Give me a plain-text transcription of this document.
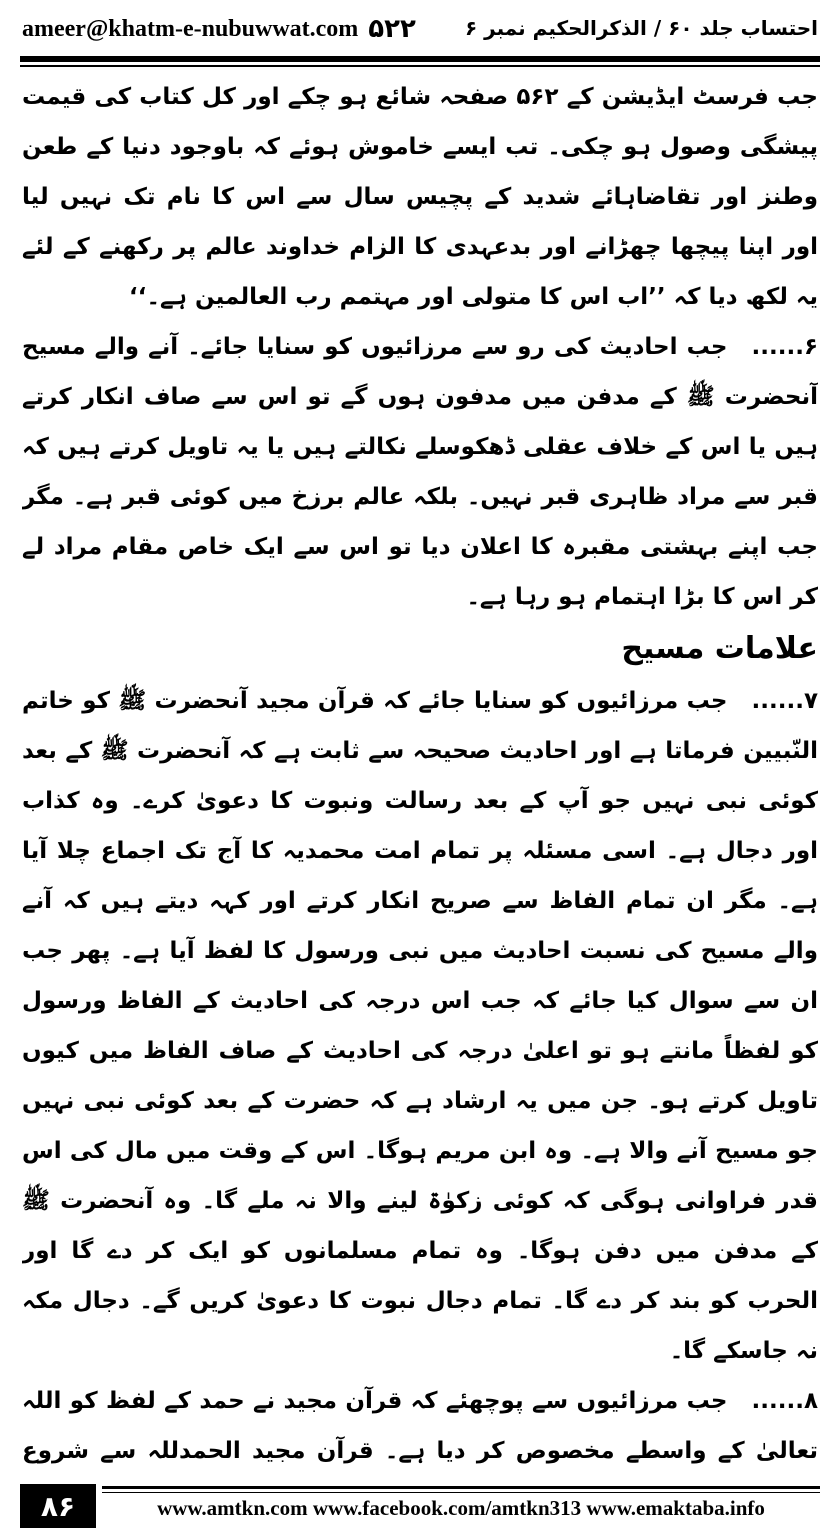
ameer@khatm-e-nubuwwat.com ۵۲۲ احتساب جلد ۶۰ / الذکرالحکیم نمبر ۶

جب فرسٹ ایڈیشن کے ۵۶۲ صفحہ شائع ہو چکے اور کل کتاب کی قیمت پیشگی وصول ہو چکی۔ تب ایسے خاموش ہوئے کہ باوجود دنیا کے طعن وطنز اور تقاضاہائے شدید کے پچیس سال سے اس کا نام تک نہیں لیا اور اپنا پیچھا چھڑانے اور بدعہدی کا الزام خداوند عالم پر رکھنے کے لئے یہ لکھ دیا کہ ’’اب اس کا متولی اور مہتمم رب العالمین ہے۔‘‘

۶......جب احادیث کی رو سے مرزائیوں کو سنایا جائے۔ آنے والے مسیح آنحضرت ﷺ کے مدفن میں مدفون ہوں گے تو اس سے صاف انکار کرتے ہیں یا اس کے خلاف عقلی ڈھکوسلے نکالتے ہیں یا یہ تاویل کرتے ہیں کہ قبر سے مراد ظاہری قبر نہیں۔ بلکہ عالم برزخ میں کوئی قبر ہے۔ مگر جب اپنے بہشتی مقبرہ کا اعلان دیا تو اس سے ایک خاص مقام مراد لے کر اس کا بڑا اہتمام ہو رہا ہے۔

علامات مسیح

۷......جب مرزائیوں کو سنایا جائے کہ قرآن مجید آنحضرت ﷺ کو خاتم النّبیین فرماتا ہے اور احادیث صحیحہ سے ثابت ہے کہ آنحضرت ﷺ کے بعد کوئی نبی نہیں جو آپ کے بعد رسالت ونبوت کا دعویٰ کرے۔ وہ کذاب اور دجال ہے۔ اسی مسئلہ پر تمام امت محمدیہ کا آج تک اجماع چلا آیا ہے۔ مگر ان تمام الفاظ سے صریح انکار کرتے اور کہہ دیتے ہیں کہ آنے والے مسیح کی نسبت احادیث میں نبی ورسول کا لفظ آیا ہے۔ پھر جب ان سے سوال کیا جائے کہ جب اس درجہ کی احادیث کے الفاظ ورسول کو لفظاً مانتے ہو تو اعلیٰ درجہ کی احادیث کے صاف الفاظ میں کیوں تاویل کرتے ہو۔ جن میں یہ ارشاد ہے کہ حضرت کے بعد کوئی نبی نہیں جو مسیح آنے والا ہے۔ وہ ابن مریم ہوگا۔ اس کے وقت میں مال کی اس قدر فراوانی ہوگی کہ کوئی زکوٰۃ لینے والا نہ ملے گا۔ وہ آنحضرت ﷺ کے مدفن میں دفن ہوگا۔ وہ تمام مسلمانوں کو ایک کر دے گا اور الحرب کو بند کر دے گا۔ تمام دجال نبوت کا دعویٰ کریں گے۔ دجال مکہ نہ جاسکے گا۔

۸......جب مرزائیوں سے پوچھئے کہ قرآن مجید نے حمد کے لفظ کو اللہ تعالیٰ کے واسطے مخصوص کر دیا ہے۔ قرآن مجید الحمدللہ سے شروع

۸۶	www.amtkn.com www.facebook.com/amtkn313 www.emaktaba.info
